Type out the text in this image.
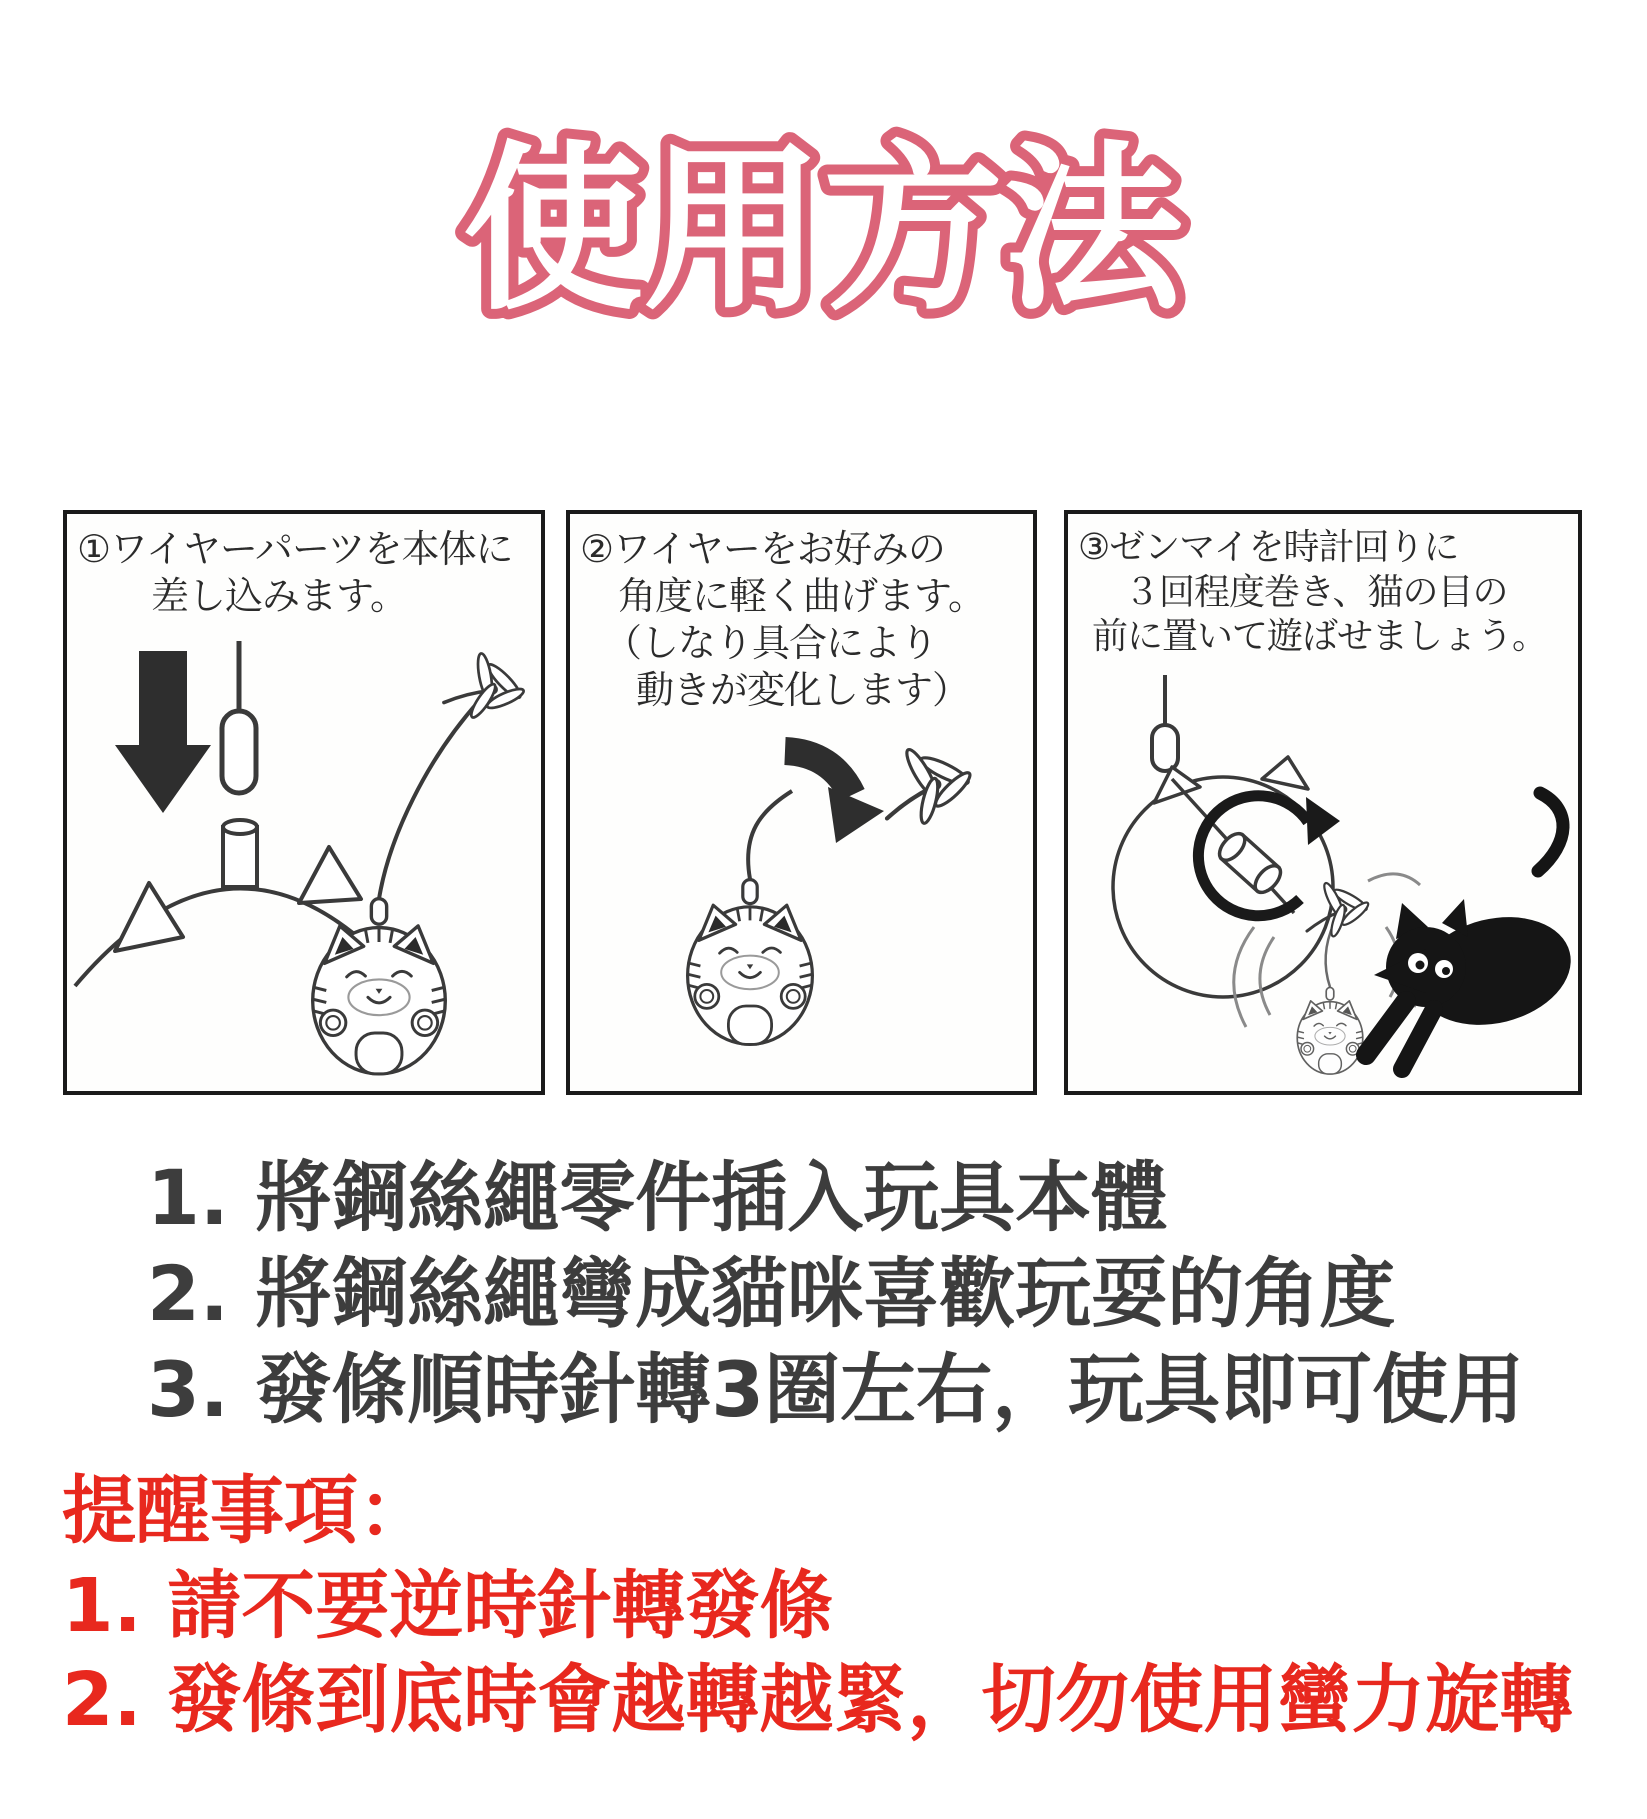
使用方法
①ワイヤーパーツを本体に
差し込みます。
②ワイヤーをお好みの
角度に軽く曲げます。
（しなり具合により
動きが変化します）
③ゼンマイを時計回りに
３回程度巻き、猫の目の
前に置いて遊ばせましょう。
1. 將鋼絲繩零件插入玩具本體
2. 將鋼絲繩彎成貓咪喜歡玩耍的角度
3. 發條順時針轉3圈左右，玩具即可使用
提醒事項：
1. 請不要逆時針轉發條
2. 發條到底時會越轉越緊，切勿使用蠻力旋轉
